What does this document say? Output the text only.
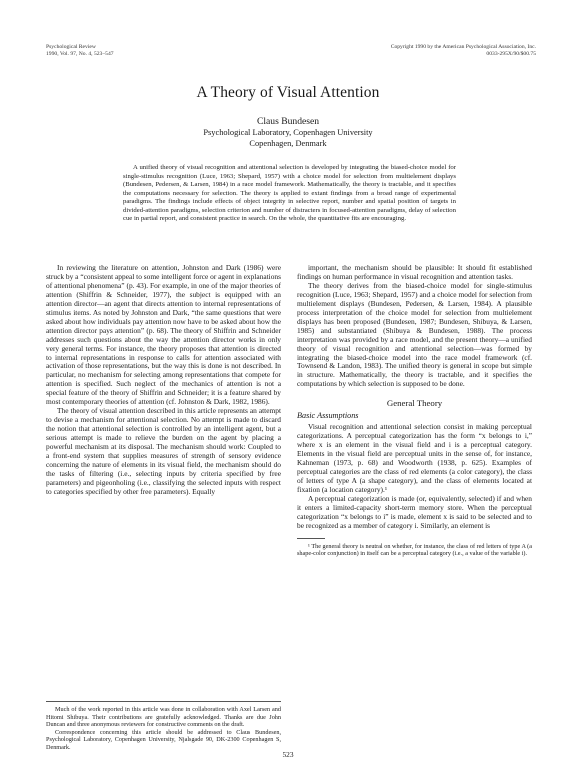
Psychological Review
1990, Vol. 97, No. 4, 523–547
Copyright 1990 by the American Psychological Association, Inc.
0033-295X/90/$00.75
A Theory of Visual Attention
Claus Bundesen
Psychological Laboratory, Copenhagen University
Copenhagen, Denmark

A unified theory of visual recognition and attentional selection is developed by integrating the biased-choice model for single-stimulus recognition (Luce, 1963; Shepard, 1957) with a choice model for selection from multielement displays (Bundesen, Pedersen, & Larsen, 1984) in a race model framework. Mathematically, the theory is tractable, and it specifies the computations necessary for selection. The theory is applied to extant findings from a broad range of experimental paradigms. The findings include effects of object integrity in selective report, number and spatial position of targets in divided-attention paradigms, selection criterion and number of distracters in focused-attention paradigms, delay of selection cue in partial report, and consistent practice in search. On the whole, the quantitative fits are encouraging.

In reviewing the literature on attention, Johnston and Dark (1986) were struck by a “consistent appeal to some intelligent force or agent in explanations of attentional phenomena” (p. 43). For example, in one of the major theories of attention (Shiffrin & Schneider, 1977), the subject is equipped with an attention director—an agent that directs attention to internal representations of stimulus items. As noted by Johnston and Dark, “the same questions that were asked about how individuals pay attention now have to be asked about how the attention director pays attention” (p. 68). The theory of Shiffrin and Schneider addresses such questions about the way the attention director works in only very general terms. For instance, the theory proposes that attention is directed to internal representations in response to calls for attention associated with activation of those representations, but the way this is done is not described. In particular, no mechanism for selecting among representations that compete for attention is specified. Such neglect of the mechanics of attention is not a special feature of the theory of Shiffrin and Schneider; it is a feature shared by most contemporary theories of attention (cf. Johnston & Dark, 1982, 1986).

The theory of visual attention described in this article represents an attempt to devise a mechanism for attentional selection. No attempt is made to discard the notion that attentional selection is controlled by an intelligent agent, but a serious attempt is made to relieve the burden on the agent by placing a powerful mechanism at its disposal. The mechanism should work: Coupled to a front-end system that supplies measures of strength of sensory evidence concerning the nature of elements in its visual field, the mechanism should do the tasks of filtering (i.e., selecting inputs by criteria specified by free parameters) and pigeonholing (i.e., classifying the selected inputs with respect to categories specified by other free parameters). Equally

Much of the work reported in this article was done in collaboration with Axel Larsen and Hitomi Shibuya. Their contributions are gratefully acknowledged. Thanks are due John Duncan and three anonymous reviewers for constructive comments on the draft.

Correspondence concerning this article should be addressed to Claus Bundesen, Psychological Laboratory, Copenhagen University, Njalsgade 90, DK-2300 Copenhagen S, Denmark.

important, the mechanism should be plausible: It should fit established findings on human performance in visual recognition and attention tasks.

The theory derives from the biased-choice model for single-stimulus recognition (Luce, 1963; Shepard, 1957) and a choice model for selection from multielement displays (Bundesen, Pedersen, & Larsen, 1984). A plausible process interpretation of the choice model for selection from multielement displays has been proposed (Bundesen, 1987; Bundesen, Shibuya, & Larsen, 1985) and substantiated (Shibuya & Bundesen, 1988). The process interpretation was provided by a race model, and the present theory—a unified theory of visual recognition and attentional selection—was formed by integrating the biased-choice model into the race model framework (cf. Townsend & Landon, 1983). The unified theory is general in scope but simple in structure. Mathematically, the theory is tractable, and it specifies the computations by which selection is supposed to be done.

General Theory
Basic Assumptions

Visual recognition and attentional selection consist in making perceptual categorizations. A perceptual categorization has the form “x belongs to i,” where x is an element in the visual field and i is a perceptual category. Elements in the visual field are perceptual units in the sense of, for instance, Kahneman (1973, p. 68) and Woodworth (1938, p. 625). Examples of perceptual categories are the class of red elements (a color category), the class of letters of type A (a shape category), and the class of elements located at fixation (a location category).¹

A perceptual categorization is made (or, equivalently, selected) if and when it enters a limited-capacity short-term memory store. When the perceptual categorization “x belongs to i” is made, element x is said to be selected and to be recognized as a member of category i. Similarly, an element is

¹ The general theory is neutral on whether, for instance, the class of red letters of type A (a shape-color conjunction) in itself can be a perceptual category (i.e., a value of the variable i).

523
